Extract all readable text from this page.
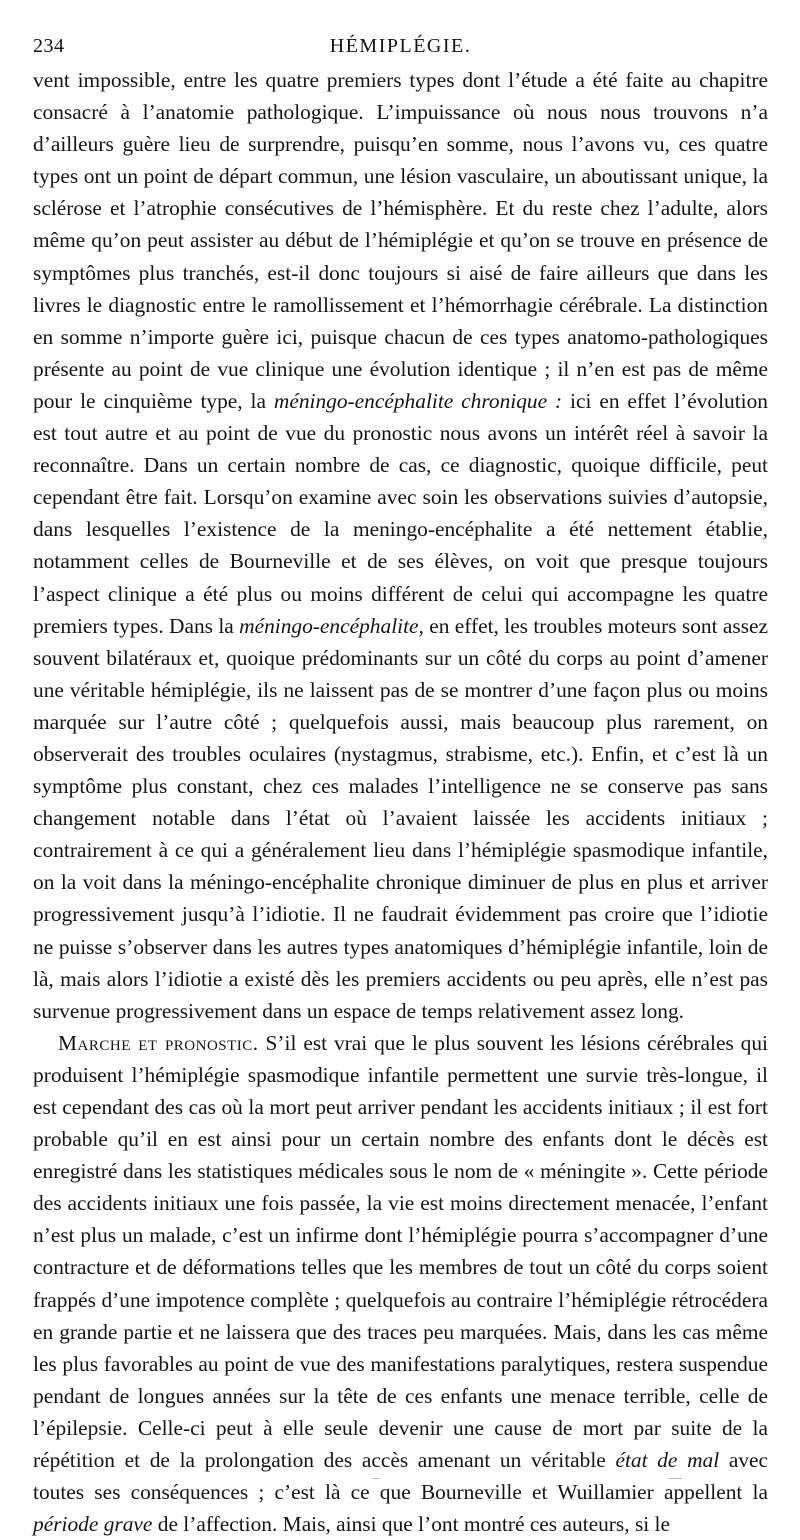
234	HÉMIPLÉGIE.

vent impossible, entre les quatre premiers types dont l’étude a été faite au chapitre consacré à l’anatomie pathologique. L’impuissance où nous nous trouvons n’a d’ailleurs guère lieu de surprendre, puisqu’en somme, nous l’avons vu, ces quatre types ont un point de départ commun, une lésion vasculaire, un aboutissant unique, la sclérose et l’atrophie consécutives de l’hémisphère. Et du reste chez l’adulte, alors même qu’on peut assister au début de l’hémiplégie et qu’on se trouve en présence de symptômes plus tranchés, est-il donc toujours si aisé de faire ailleurs que dans les livres le diagnostic entre le ramollissement et l’hémorrhagie cérébrale. La distinction en somme n’importe guère ici, puisque chacun de ces types anatomo-pathologiques présente au point de vue clinique une évolution identique ; il n’en est pas de même pour le cinquième type, la méningo-encéphalite chronique : ici en effet l’évolution est tout autre et au point de vue du pronostic nous avons un intérêt réel à savoir la reconnaître. Dans un certain nombre de cas, ce diagnostic, quoique difficile, peut cependant être fait. Lorsqu’on examine avec soin les observations suivies d’autopsie, dans lesquelles l’existence de la meningo-encéphalite a été nettement établie, notamment celles de Bourneville et de ses élèves, on voit que presque toujours l’aspect clinique a été plus ou moins différent de celui qui accompagne les quatre premiers types. Dans la méningo-encéphalite, en effet, les troubles moteurs sont assez souvent bilatéraux et, quoique prédominants sur un côté du corps au point d’amener une véritable hémiplégie, ils ne laissent pas de se montrer d’une façon plus ou moins marquée sur l’autre côté ; quelquefois aussi, mais beaucoup plus rarement, on observerait des troubles oculaires (nystagmus, strabisme, etc.). Enfin, et c’est là un symptôme plus constant, chez ces malades l’intelligence ne se conserve pas sans changement notable dans l’état où l’avaient laissée les accidents initiaux ; contrairement à ce qui a généralement lieu dans l’hémiplégie spasmodique infantile, on la voit dans la méningo-encéphalite chronique diminuer de plus en plus et arriver progressivement jusqu’à l’idiotie. Il ne faudrait évidemment pas croire que l’idiotie ne puisse s’observer dans les autres types anatomiques d’hémiplégie infantile, loin de là, mais alors l’idiotie a existé dès les premiers accidents ou peu après, elle n’est pas survenue progressivement dans un espace de temps relativement assez long.

Marche et pronostic. S’il est vrai que le plus souvent les lésions cérébrales qui produisent l’hémiplégie spasmodique infantile permettent une survie très-longue, il est cependant des cas où la mort peut arriver pendant les accidents initiaux ; il est fort probable qu’il en est ainsi pour un certain nombre des enfants dont le décès est enregistré dans les statistiques médicales sous le nom de « méningite ». Cette période des accidents initiaux une fois passée, la vie est moins directement menacée, l’enfant n’est plus un malade, c’est un infirme dont l’hémiplégie pourra s’accompagner d’une contracture et de déformations telles que les membres de tout un côté du corps soient frappés d’une impotence complète ; quelquefois au contraire l’hémiplégie rétrocédera en grande partie et ne laissera que des traces peu marquées. Mais, dans les cas même les plus favorables au point de vue des manifestations paralytiques, restera suspendue pendant de longues années sur la tête de ces enfants une menace terrible, celle de l’épilepsie. Celle-ci peut à elle seule devenir une cause de mort par suite de la répétition et de la prolongation des accès amenant un véritable état de mal avec toutes ses conséquences ; c’est là ce que Bourneville et Wuillamier appellent la période grave de l’affection. Mais, ainsi que l’ont montré ces auteurs, si le
